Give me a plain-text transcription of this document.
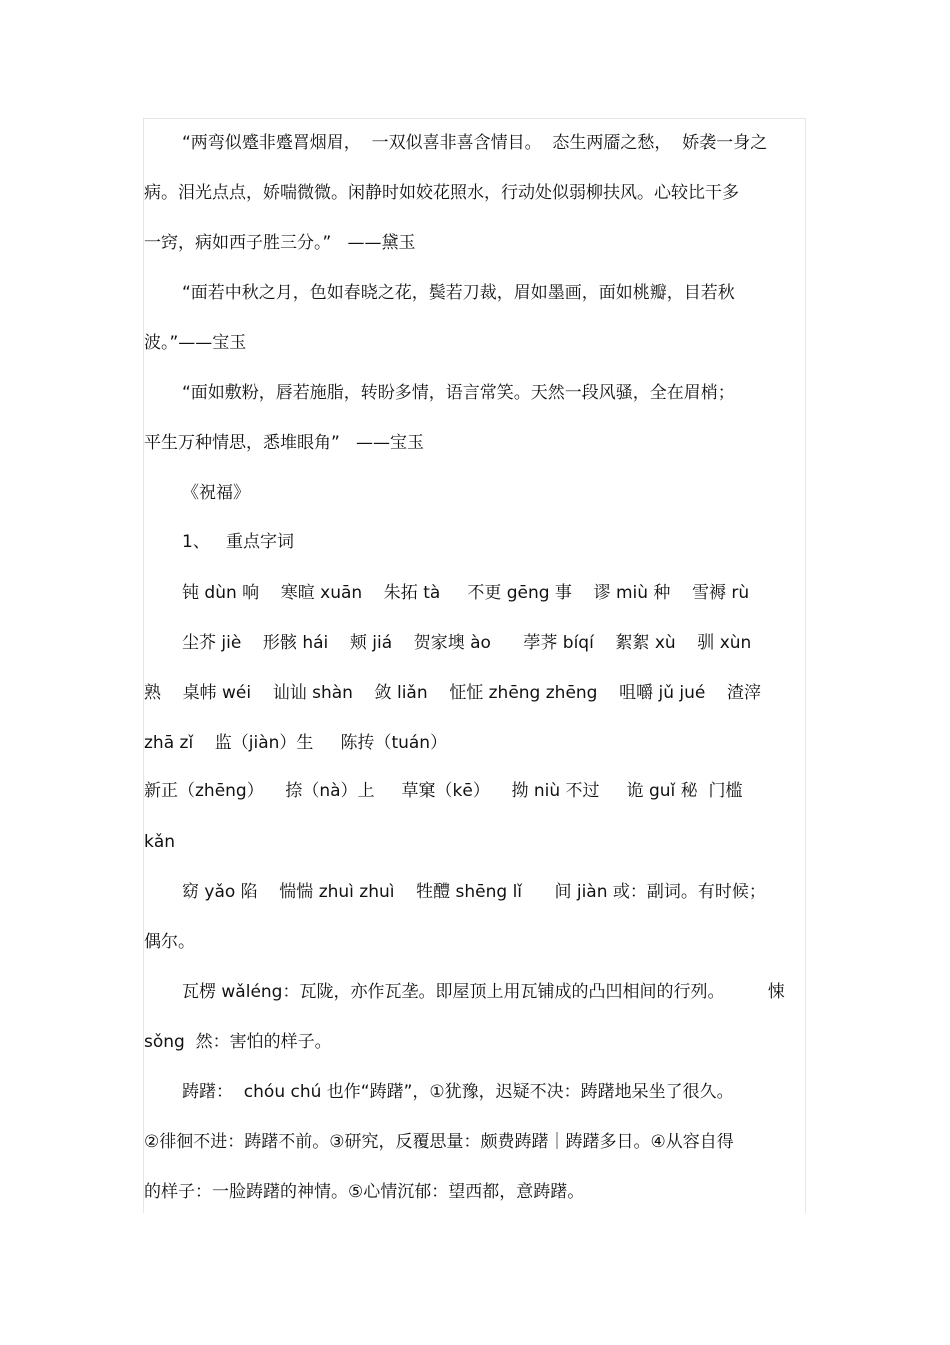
“两弯似蹙非蹙罥烟眉，  一双似喜非喜含情目。  态生两靥之愁，  娇袭一身之
病。泪光点点，娇喘微微。闲静时如姣花照水，行动处似弱柳扶风。心较比干多
一窍，病如西子胜三分。”   ——黛玉
“面若中秋之月，色如春晓之花，鬓若刀裁，眉如墨画，面如桃瓣，目若秋
波。”——宝玉
“面如敷粉，唇若施脂，转盼多情，语言常笑。天然一段风骚，全在眉梢；
平生万种情思，悉堆眼角”   ——宝玉
《祝福》
1、   重点字词
钝 dùn 响    寒暄 xuān    朱拓 tà     不更 gēng 事    谬 miù 种    雪褥 rù
尘芥 jiè    形骸 hái    颊 jiá    贺家墺 ào      荸荠 bíqí    絮絮 xù    驯 xùn
熟    桌帏 wéi    讪讪 shàn    敛 liǎn    怔怔 zhēng zhēng    咀嚼 jǔ jué    渣滓
zhā zǐ    监（jiàn）生     陈抟（tuán）
新正（zhēng）    捺（nà）上     草窠（kē）    拗 niù 不过     诡 guǐ 秘  门槛
kǎn
窈 yǎo 陷    惴惴 zhuì zhuì    牲醴 shēng lǐ      间 jiàn 或：副词。有时候；
偶尔。
瓦楞 wǎléng：瓦陇，亦作瓦垄。即屋顶上用瓦铺成的凸凹相间的行列。        悚
sǒng  然：害怕的样子。
踌躇：  chóu chú 也作“踌躇”，①犹豫，迟疑不决：踌躇地呆坐了很久。
②徘徊不进：踌躇不前。③研究，反覆思量：颇费踌躇｜踌躇多日。④从容自得
的样子：一脸踌躇的神情。⑤心情沉郁：望西都，意踌躇。
